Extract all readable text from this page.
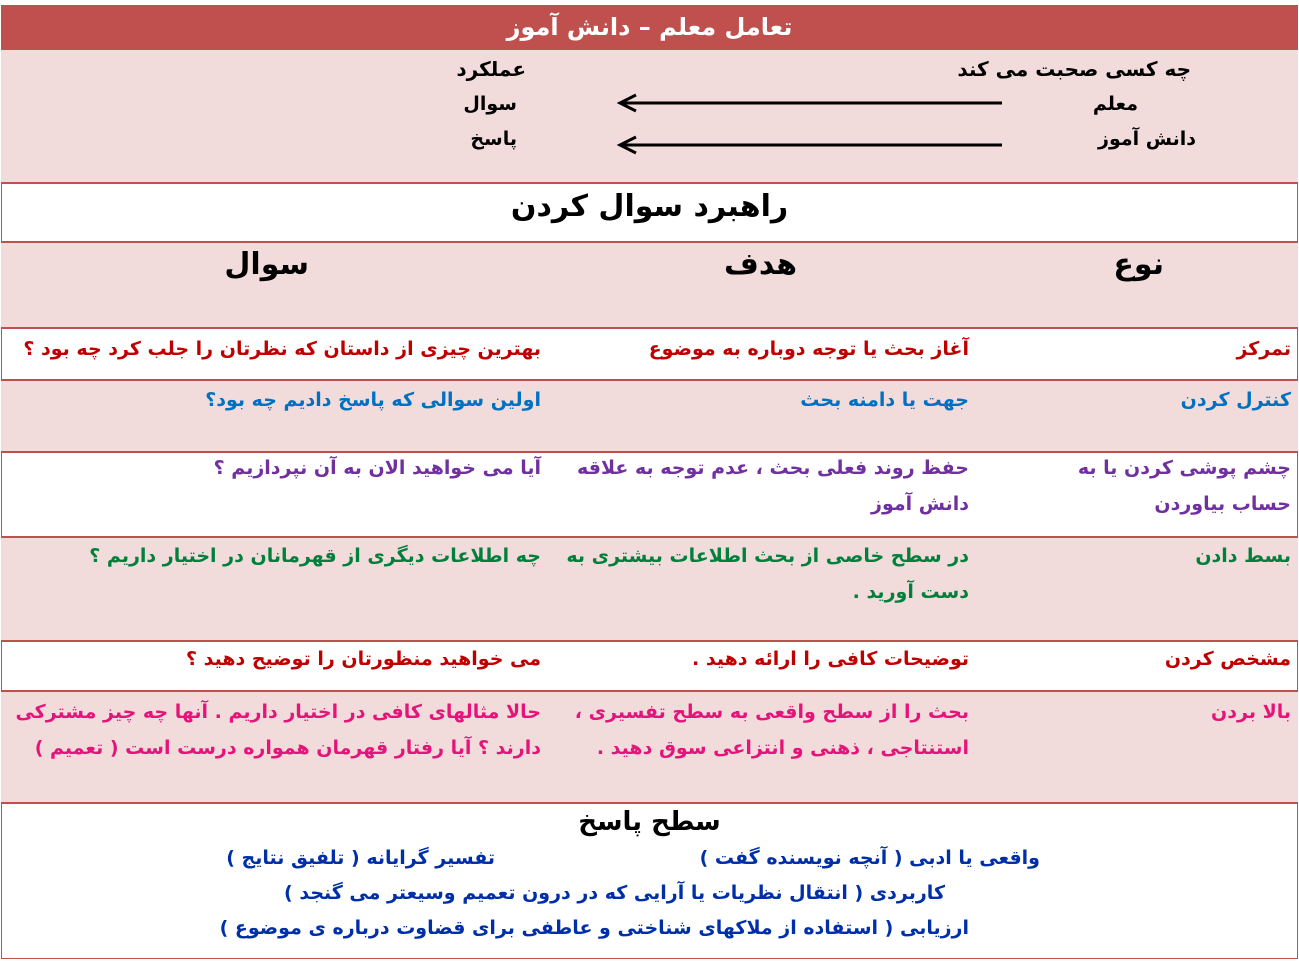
تعامل معلم – دانش آموز
چه کسی صحبت می کند
عملکرد
معلم
سوال
دانش آموز
پاسخ
راهبرد سوال کردن
نوع
هدف
سوال
تمرکز
آغاز بحث یا توجه دوباره به موضوع
بهترین چیزی از داستان که نظرتان را جلب کرد چه بود ؟
کنترل کردن
جهت یا دامنه بحث
اولین سوالی که پاسخ دادیم چه بود؟
چشم پوشی کردن یا به حساب بیاوردن
حفظ روند فعلی بحث ، عدم توجه به علاقه دانش آموز
آیا می خواهید الان به آن نپردازیم ؟
بسط دادن
در سطح خاصی از بحث اطلاعات بیشتری به دست آورید .
چه اطلاعات دیگری از قهرمانان در اختیار داریم ؟
مشخص کردن
توضیحات کافی را ارائه دهید .
می خواهید منظورتان را توضیح دهید ؟
بالا بردن
بحث را از سطح واقعی به سطح تفسیری ، استنتاجی ، ذهنی و انتزاعی سوق دهید .
حالا مثالهای کافی در اختیار داریم . آنها چه چیز مشترکی دارند ؟ آیا رفتار قهرمان همواره درست است ( تعمیم )
سطح پاسخ
واقعی یا ادبی ( آنچه نویسنده گفت )
تفسیر گرایانه ( تلفیق نتایج )
کاربردی ( انتقال نظریات یا آرایی که در درون تعمیم وسیعتر می گنجد )
ارزیابی ( استفاده از ملاکهای شناختی و عاطفی برای قضاوت درباره ی موضوع )
